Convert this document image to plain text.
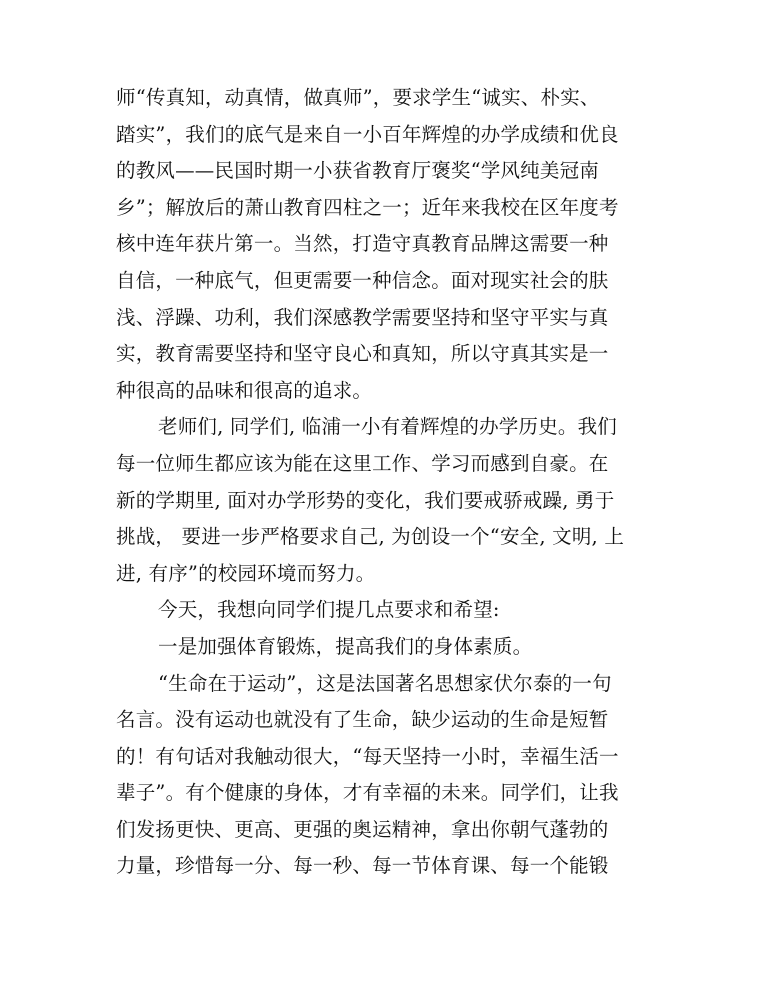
师“传真知，动真情，做真师”，要求学生“诚实、朴实、
踏实”，我们的底气是来自一小百年辉煌的办学成绩和优良
的教风——民国时期一小获省教育厅褒奖“学风纯美冠南
乡”；解放后的萧山教育四柱之一；近年来我校在区年度考
核中连年获片第一。当然，打造守真教育品牌这需要一种
自信，一种底气，但更需要一种信念。面对现实社会的肤
浅、浮躁、功利，我们深感教学需要坚持和坚守平实与真
实，教育需要坚持和坚守良心和真知，所以守真其实是一
种很高的品味和很高的追求。
老师们, 同学们, 临浦一小有着辉煌的办学历史。我们
每一位师生都应该为能在这里工作、学习而感到自豪。在
新的学期里, 面对办学形势的变化，我们要戒骄戒躁, 勇于
挑战， 要进一步严格要求自己, 为创设一个“安全, 文明, 上
进, 有序”的校园环境而努力。
今天，我想向同学们提几点要求和希望:
一是加强体育锻炼，提高我们的身体素质。
“生命在于运动”，这是法国著名思想家伏尔泰的一句
名言。没有运动也就没有了生命，缺少运动的生命是短暂
的！有句话对我触动很大，“每天坚持一小时，幸福生活一
辈子”。有个健康的身体，才有幸福的未来。同学们，让我
们发扬更快、更高、更强的奥运精神，拿出你朝气蓬勃的
力量，珍惜每一分、每一秒、每一节体育课、每一个能锻
